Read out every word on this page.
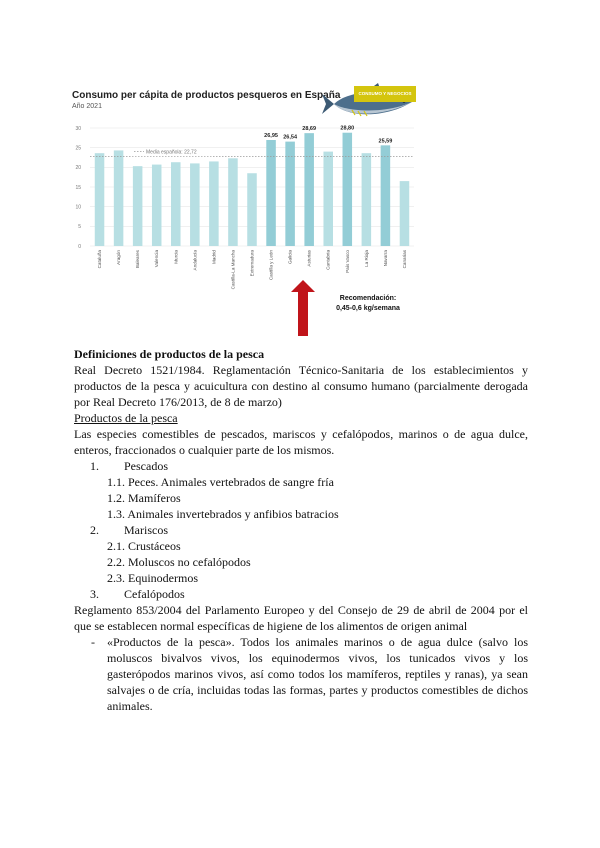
Consumo per cápita de productos pesqueros en España
Año 2021
0
5
10
15
20
25
30
Cataluña	Aragón	Baleares	Valencia	Murcia	Andalucía	Madrid	Castilla-La Mancha	Extremadura	Castilla y León
26,95
Galicia
26,54
Asturias
28,69
Cantabria	País Vasco
28,80
La Rioja	Navarra
25,59
Canarias
Media española: 22,72
CONSUMO Y NEGOCIOS
Recomendación:
0,45-0,6 kg/semana

Definiciones de productos de la pesca

Real Decreto 1521/1984. Reglamentación Técnico-Sanitaria de los establecimientos y productos de la pesca y acuicultura con destino al consumo humano (parcialmente derogada por Real Decreto 176/2013, de 8 de marzo)

Productos de la pesca

Las especies comestibles de pescados, mariscos y cefalópodos, marinos o de agua dulce, enteros, fraccionados o cualquier parte de los mismos.

1. Pescados
1.1. Peces. Animales vertebrados de sangre fría
1.2. Mamíferos
1.3. Animales invertebrados y anfibios batracios
2. Mariscos
2.1. Crustáceos
2.2. Moluscos no cefalópodos
2.3. Equinodermos
3. Cefalópodos

Reglamento 853/2004 del Parlamento Europeo y del Consejo de 29 de abril de 2004 por el que se establecen normal específicas de higiene de los alimentos de origen animal

- «Productos de la pesca». Todos los animales marinos o de agua dulce (salvo los moluscos bivalvos vivos, los equinodermos vivos, los tunicados vivos y los gasterópodos marinos vivos, así como todos los mamíferos, reptiles y ranas), ya sean salvajes o de cría, incluidas todas las formas, partes y productos comestibles de dichos animales.
